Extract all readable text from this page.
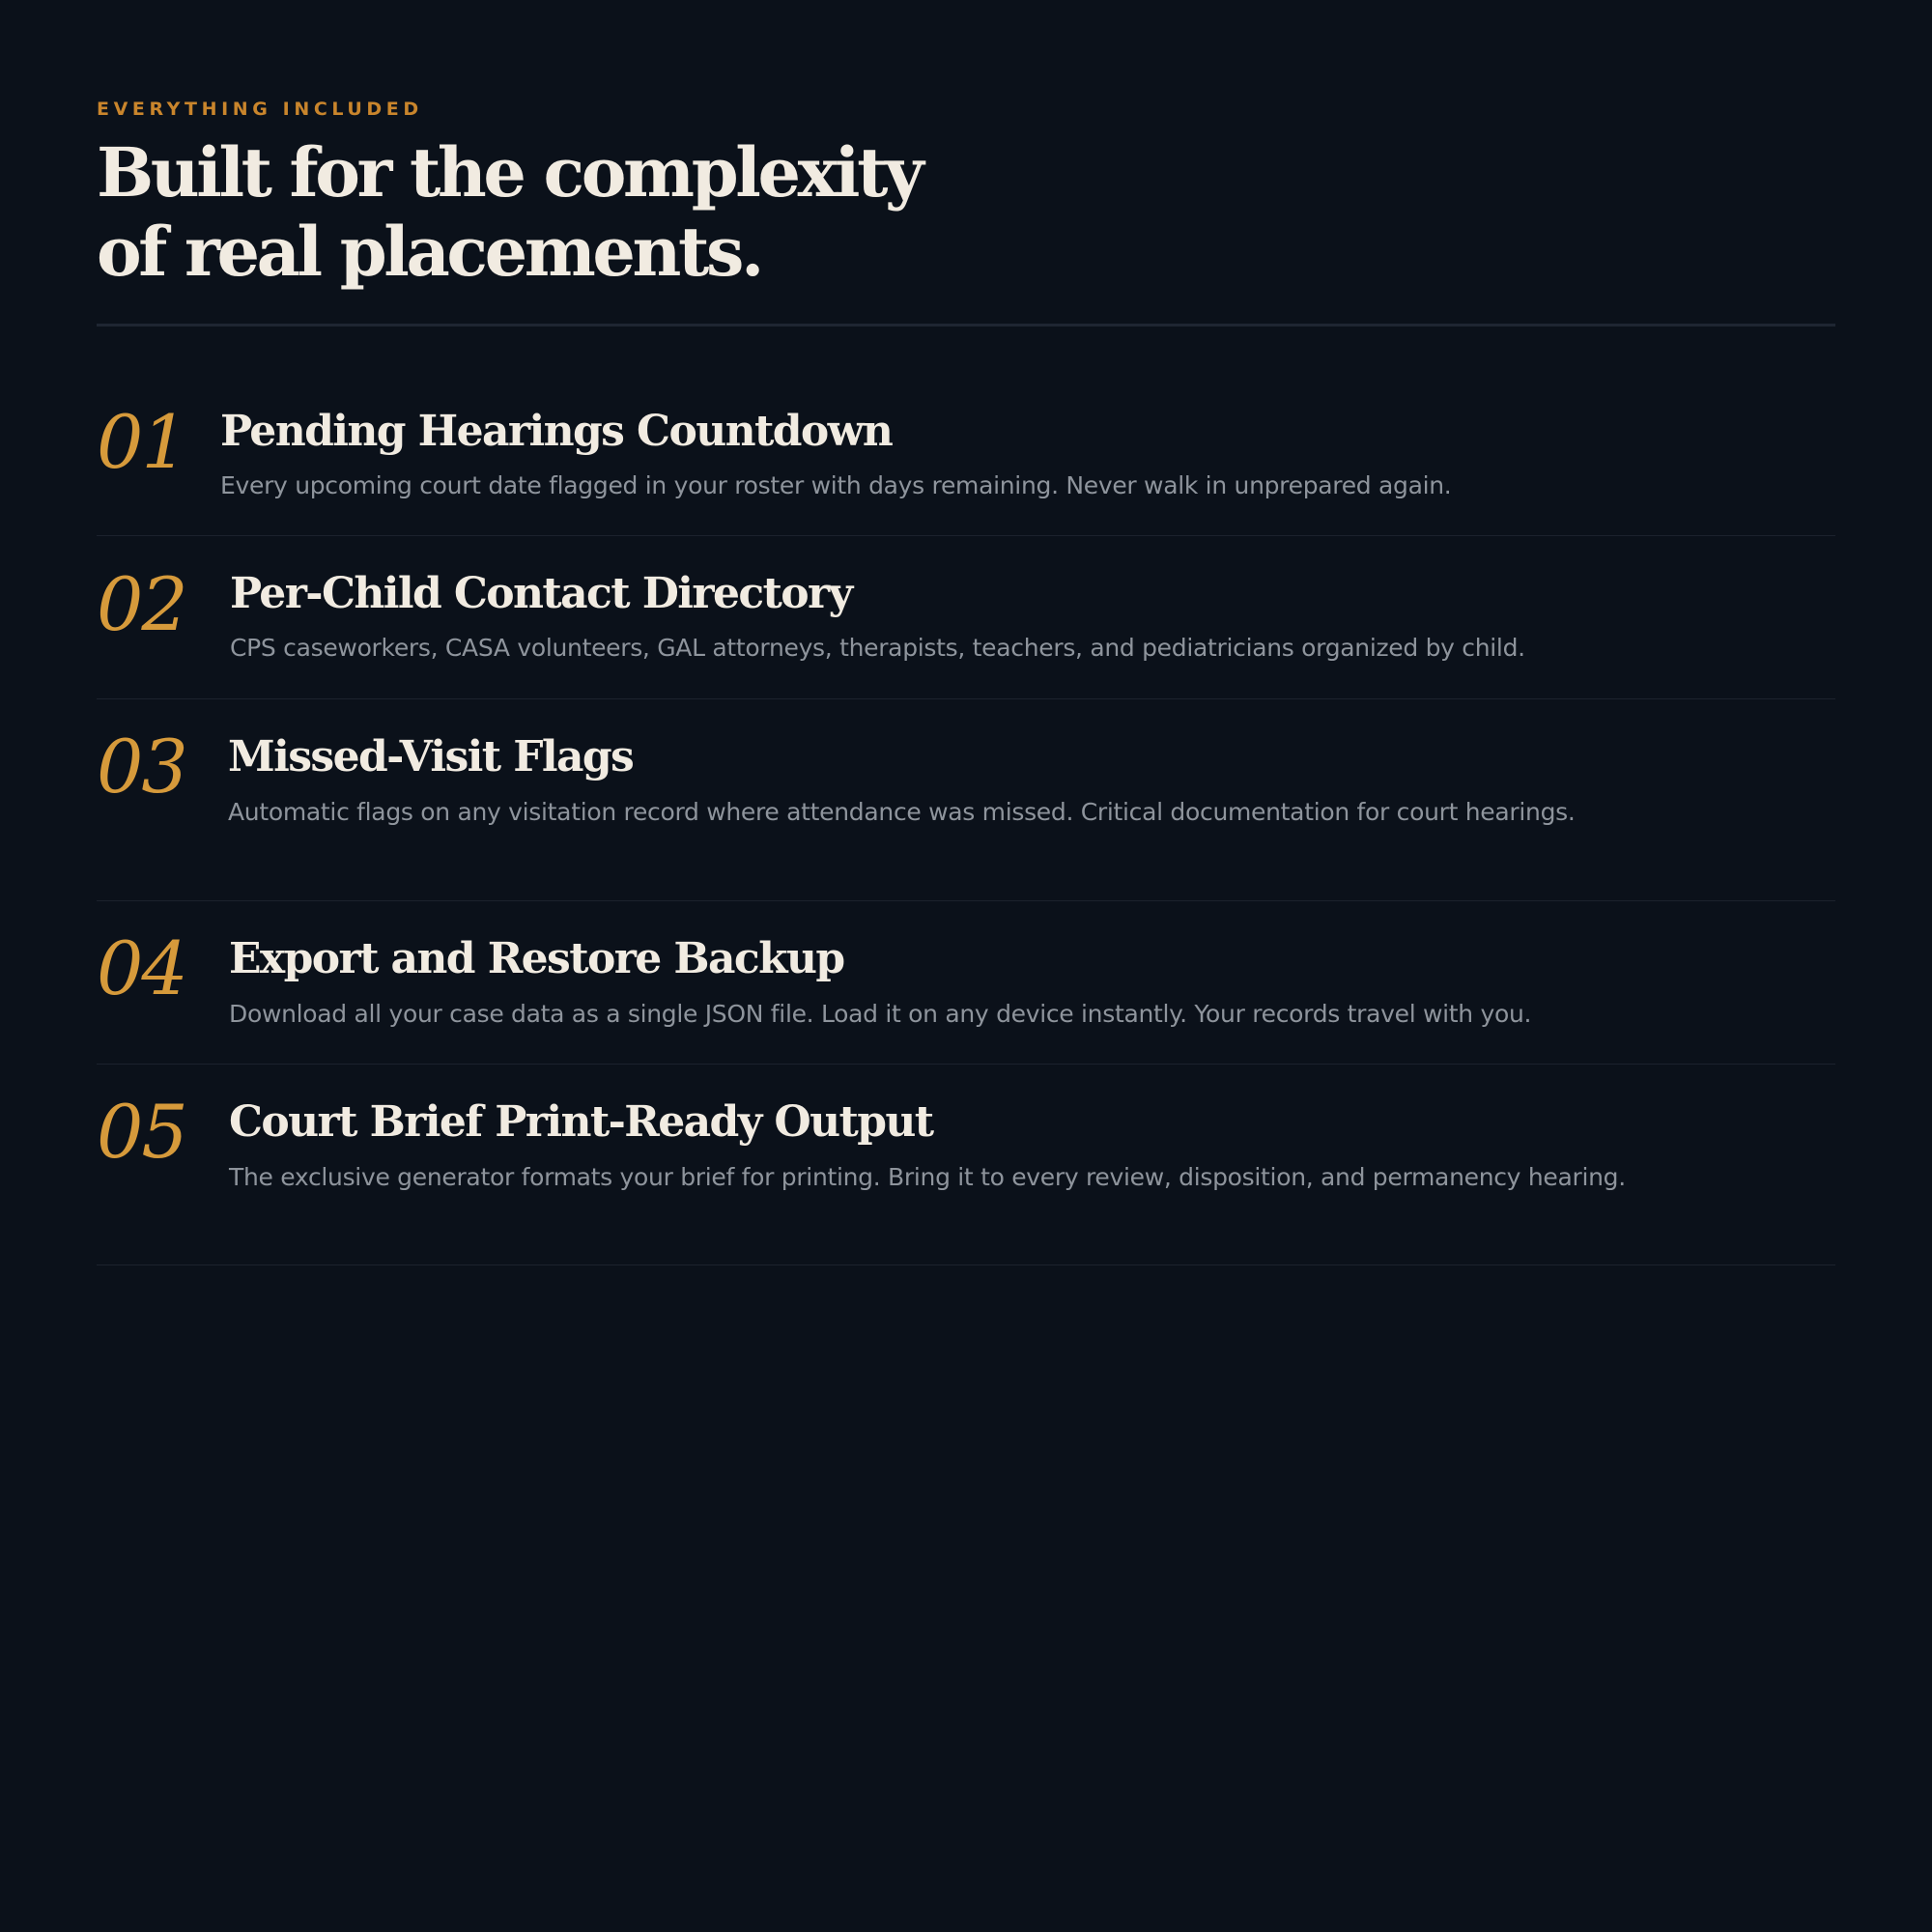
EVERYTHING INCLUDED
Built for the complexity
of real placements.
01 Pending Hearings Countdown

Every upcoming court date flagged in your roster with days remaining. Never walk in unprepared again.

02 Per-Child Contact Directory

CPS caseworkers, CASA volunteers, GAL attorneys, therapists, teachers, and pediatricians organized by child.

03 Missed-Visit Flags

Automatic flags on any visitation record where attendance was missed. Critical documentation for court hearings.

04 Export and Restore Backup

Download all your case data as a single JSON file. Load it on any device instantly. Your records travel with you.

05 Court Brief Print-Ready Output

The exclusive generator formats your brief for printing. Bring it to every review, disposition, and permanency hearing.
